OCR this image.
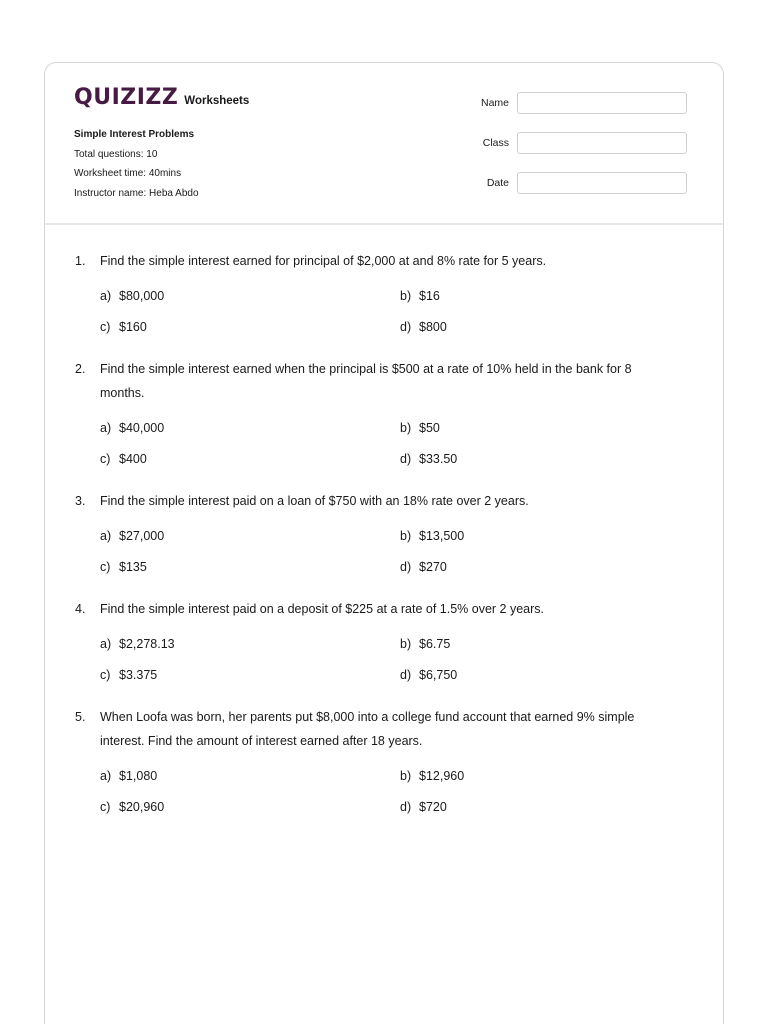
QUIZIZZ Worksheets
Simple Interest Problems
Total questions: 10
Worksheet time: 40mins
Instructor name: Heba Abdo
Name
Class
Date
1.	Find the simple interest earned for principal of $2,000 at and 8% rate for 5 years.
a) $80,000	b) $16
c) $160	d) $800
2.	Find the simple interest earned when the principal is $500 at a rate of 10% held in the bank for 8 months.
a) $40,000	b) $50
c) $400	d) $33.50
3.	Find the simple interest paid on a loan of $750 with an 18% rate over 2 years.
a) $27,000	b) $13,500
c) $135	d) $270
4.	Find the simple interest paid on a deposit of $225 at a rate of 1.5% over 2 years.
a) $2,278.13	b) $6.75
c) $3.375	d) $6,750
5.	When Loofa was born, her parents put $8,000 into a college fund account that earned 9% simple interest. Find the amount of interest earned after 18 years.
a) $1,080	b) $12,960
c) $20,960	d) $720
